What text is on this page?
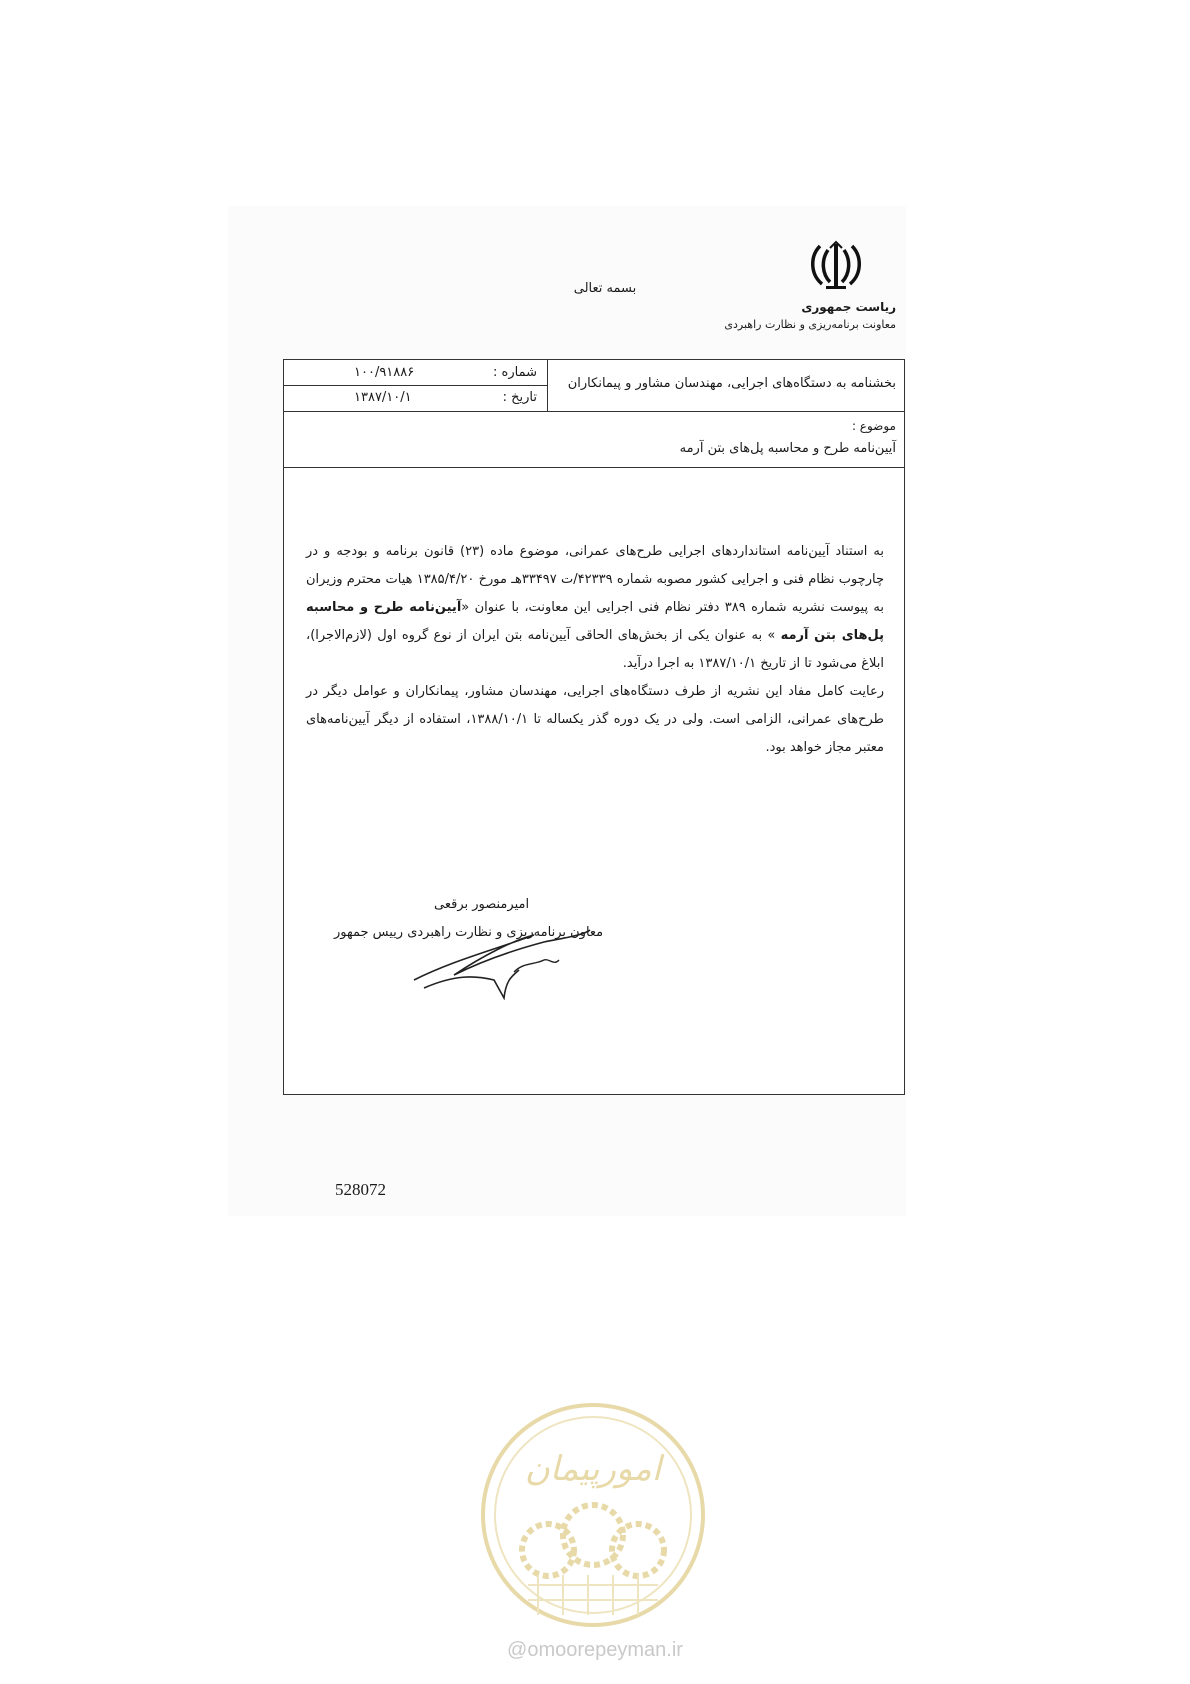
بسمه تعالی
ریاست جمهوری
معاونت برنامه‌ریزی و نظارت راهبردی
شماره :
۱۰۰/۹۱۸۸۶
تاریخ :
۱۳۸۷/۱۰/۱
بخشنامه به دستگاه‌های اجرایی، مهندسان مشاور و پیمانکاران
موضوع :
آیین‌نامه طرح و محاسبه پل‌های بتن آرمه

به استناد آیین‌نامه استانداردهای اجرایی طرح‌های عمرانی، موضوع ماده (۲۳) قانون برنامه و بودجه و در چارچوب نظام فنی و اجرایی کشور مصوبه شماره ۴۲۳۳۹/ت ۳۳۴۹۷هـ مورخ ۱۳۸۵/۴/۲۰ هیات محترم وزیران به پیوست نشریه شماره ۳۸۹ دفتر نظام فنی اجرایی این معاونت، با عنوان «آیین‌نامه طرح و محاسبه پل‌های بتن آرمه » به عنوان یکی از بخش‌های الحاقی آیین‌نامه بتن ایران از نوع گروه اول (لازم‌الاجرا)، ابلاغ می‌شود تا از تاریخ ۱۳۸۷/۱۰/۱ به اجرا درآید.

رعایت کامل مفاد این نشریه از طرف دستگاه‌های اجرایی، مهندسان مشاور، پیمانکاران و عوامل دیگر در طرح‌های عمرانی، الزامی است. ولی در یک دوره گذر یکساله تا ۱۳۸۸/۱۰/۱، استفاده از دیگر آیین‌نامه‌های معتبر مجاز خواهد بود.

امیرمنصور برقعی
معاون برنامه‌ریزی و نظارت راهبردی رییس جمهور
528072
امورپیمان
@omoorepeyman.ir
